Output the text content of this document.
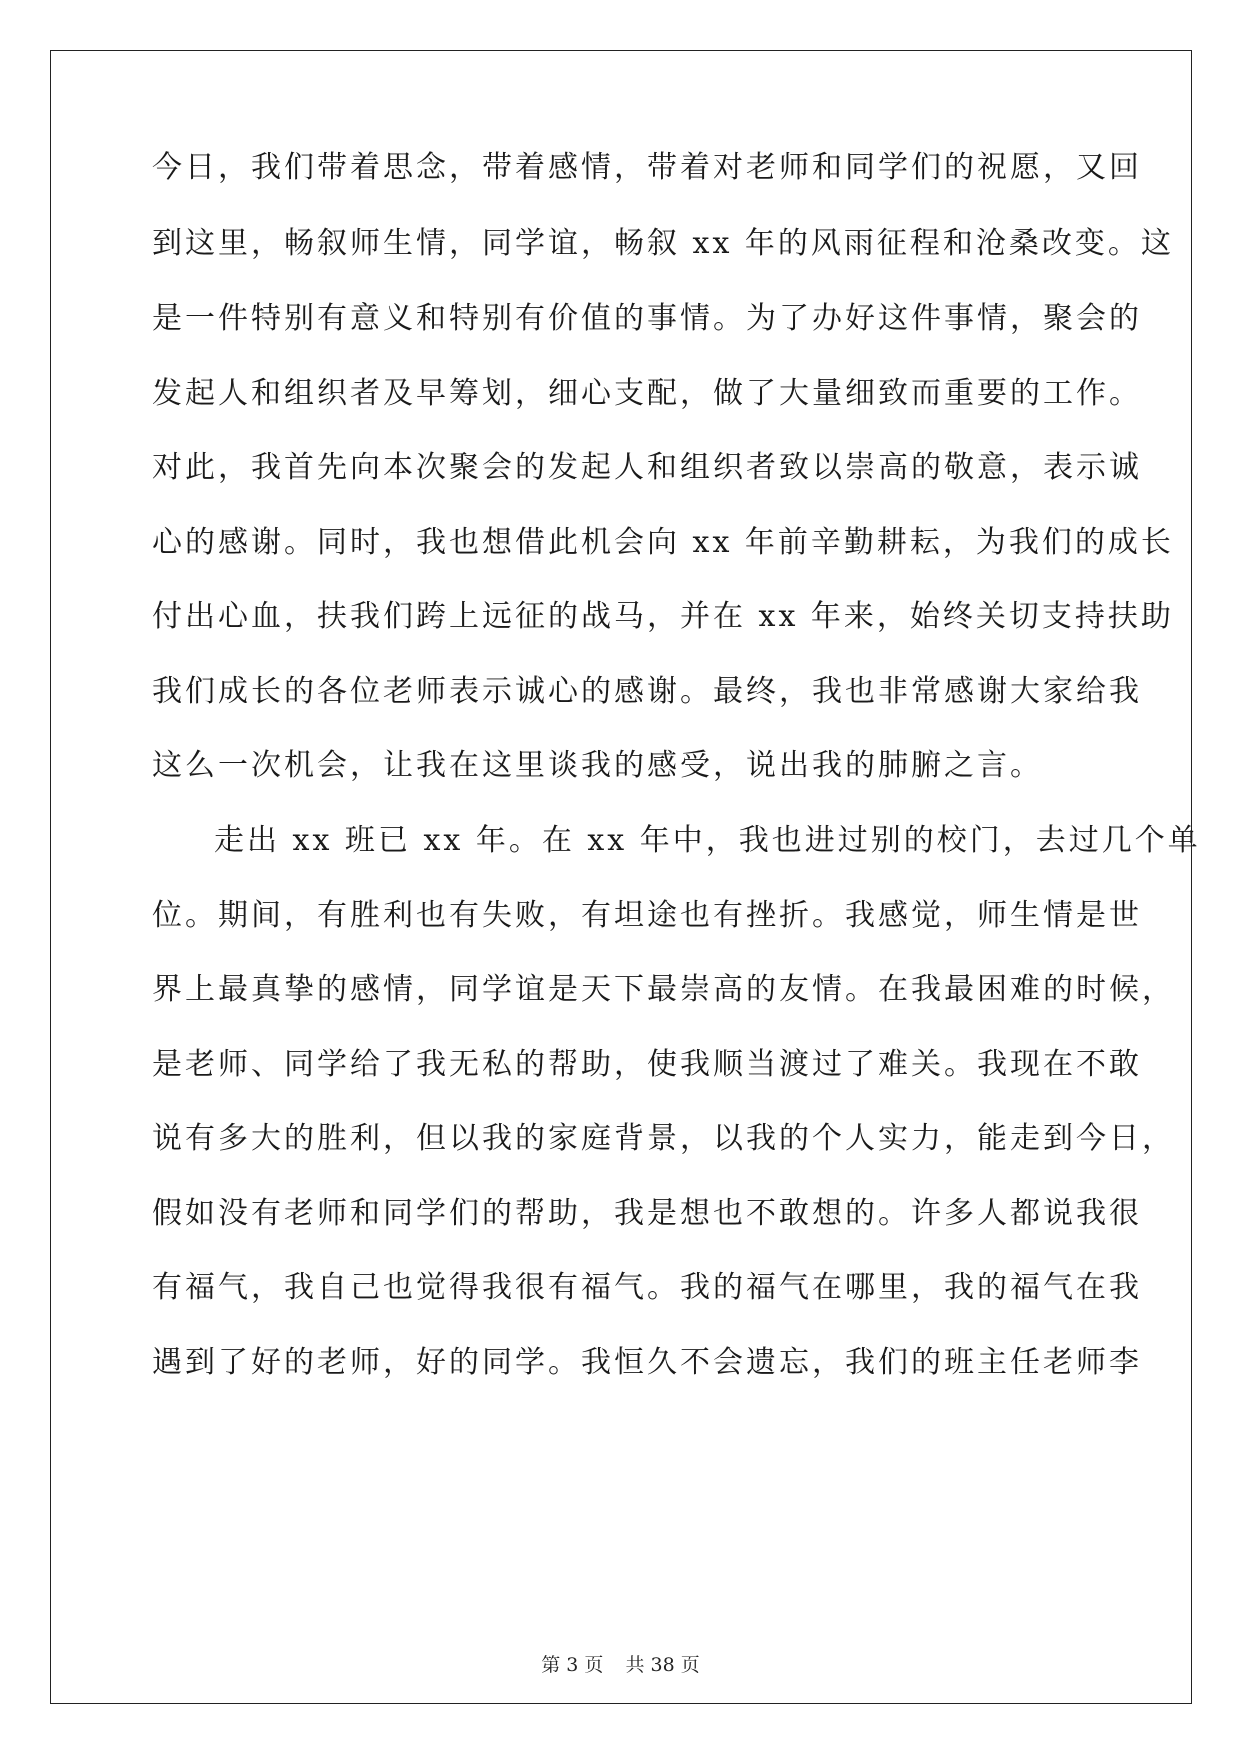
今日，我们带着思念，带着感情，带着对老师和同学们的祝愿，又回
到这里，畅叙师生情，同学谊，畅叙 xx 年的风雨征程和沧桑改变。这
是一件特别有意义和特别有价值的事情。为了办好这件事情，聚会的
发起人和组织者及早筹划，细心支配，做了大量细致而重要的工作。
对此，我首先向本次聚会的发起人和组织者致以崇高的敬意，表示诚
心的感谢。同时，我也想借此机会向 xx 年前辛勤耕耘，为我们的成长
付出心血，扶我们跨上远征的战马，并在 xx 年来，始终关切支持扶助
我们成长的各位老师表示诚心的感谢。最终，我也非常感谢大家给我
这么一次机会，让我在这里谈我的感受，说出我的肺腑之言。
走出 xx 班已 xx 年。在 xx 年中，我也进过别的校门，去过几个单
位。期间，有胜利也有失败，有坦途也有挫折。我感觉，师生情是世
界上最真挚的感情，同学谊是天下最崇高的友情。在我最困难的时候，
是老师、同学给了我无私的帮助，使我顺当渡过了难关。我现在不敢
说有多大的胜利，但以我的家庭背景，以我的个人实力，能走到今日，
假如没有老师和同学们的帮助，我是想也不敢想的。许多人都说我很
有福气，我自己也觉得我很有福气。我的福气在哪里，我的福气在我
遇到了好的老师，好的同学。我恒久不会遗忘，我们的班主任老师李
第 3 页 共 38 页
